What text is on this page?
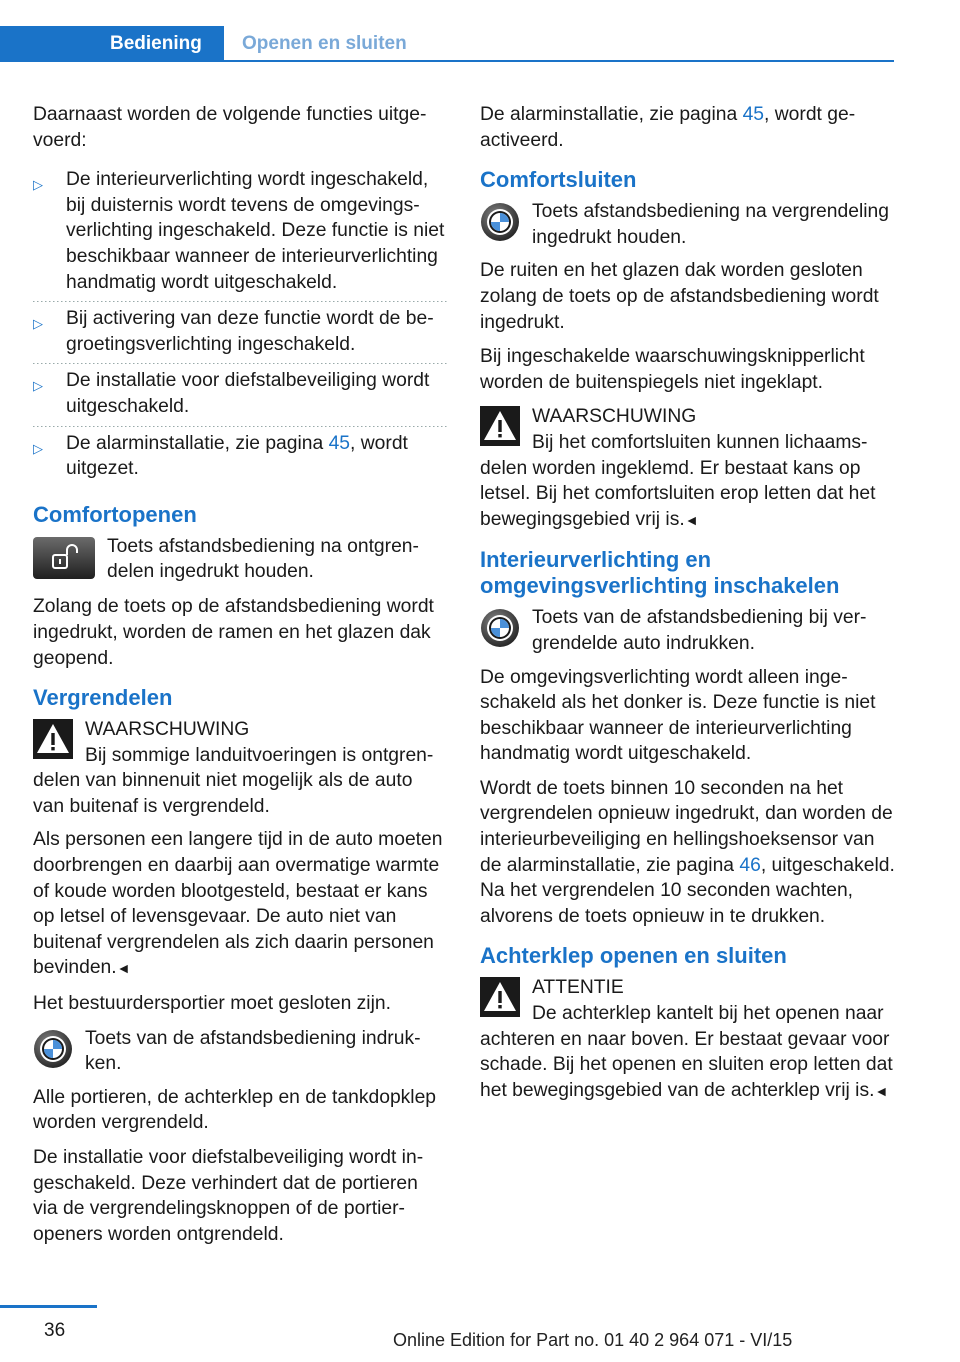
Bediening	Openen en sluiten

Daarnaast worden de volgende functies uitgevoerd:

▷ De interieurverlichting wordt ingeschakeld, bij duisternis wordt tevens de omgevingsverlichting ingeschakeld. Deze functie is niet beschikbaar wanneer de interieurverlichting handmatig wordt uitgeschakeld.
▷ Bij activering van deze functie wordt de begroetingsverlichting ingeschakeld.
▷ De installatie voor diefstalbeveiliging wordt uitgeschakeld.
▷ De alarminstallatie, zie pagina 45, wordt uitgezet.
Comfortopenen
Toets afstandsbediening na ontgrendelen ingedrukt houden.

Zolang de toets op de afstandsbediening wordt ingedrukt, worden de ramen en het glazen dak geopend.

Vergrendelen
WAARSCHUWING
Bij sommige landuitvoeringen is ontgrendelen van binnenuit niet mogelijk als de auto van buitenaf is vergrendeld.

Als personen een langere tijd in de auto moeten doorbrengen en daarbij aan overmatige warmte of koude worden blootgesteld, bestaat er kans op letsel of levensgevaar. De auto niet van buitenaf vergrendelen als zich daarin personen bevinden.◄

Het bestuurdersportier moet gesloten zijn.

Toets van de afstandsbediening indrukken.

Alle portieren, de achterklep en de tankdopklep worden vergrendeld.

De installatie voor diefstalbeveiliging wordt ingeschakeld. Deze verhindert dat de portieren via de vergrendelingsknoppen of de portieropeners worden ontgrendeld.

De alarminstallatie, zie pagina 45, wordt geactiveerd.

Comfortsluiten
Toets afstandsbediening na vergrendeling ingedrukt houden.

De ruiten en het glazen dak worden gesloten zolang de toets op de afstandsbediening wordt ingedrukt.

Bij ingeschakelde waarschuwingsknipperlicht worden de buitenspiegels niet ingeklapt.

WAARSCHUWING
Bij het comfortsluiten kunnen lichaamsdelen worden ingeklemd. Er bestaat kans op letsel. Bij het comfortsluiten erop letten dat het bewegingsgebied vrij is.◄
Interieurverlichting en omgevingsverlichting inschakelen
Toets van de afstandsbediening bij vergrendelde auto indrukken.

De omgevingsverlichting wordt alleen ingeschakeld als het donker is. Deze functie is niet beschikbaar wanneer de interieurverlichting handmatig wordt uitgeschakeld.

Wordt de toets binnen 10 seconden na het vergrendelen opnieuw ingedrukt, dan worden de interieurbeveiliging en hellingshoeksensor van de alarminstallatie, zie pagina 46, uitgeschakeld. Na het vergrendelen 10 seconden wachten, alvorens de toets opnieuw in te drukken.

Achterklep openen en sluiten
ATTENTIE
De achterklep kantelt bij het openen naar achteren en naar boven. Er bestaat gevaar voor schade. Bij het openen en sluiten erop letten dat het bewegingsgebied van de achterklep vrij is.◄
36	Online Edition for Part no. 01 40 2 964 071 - VI/15
